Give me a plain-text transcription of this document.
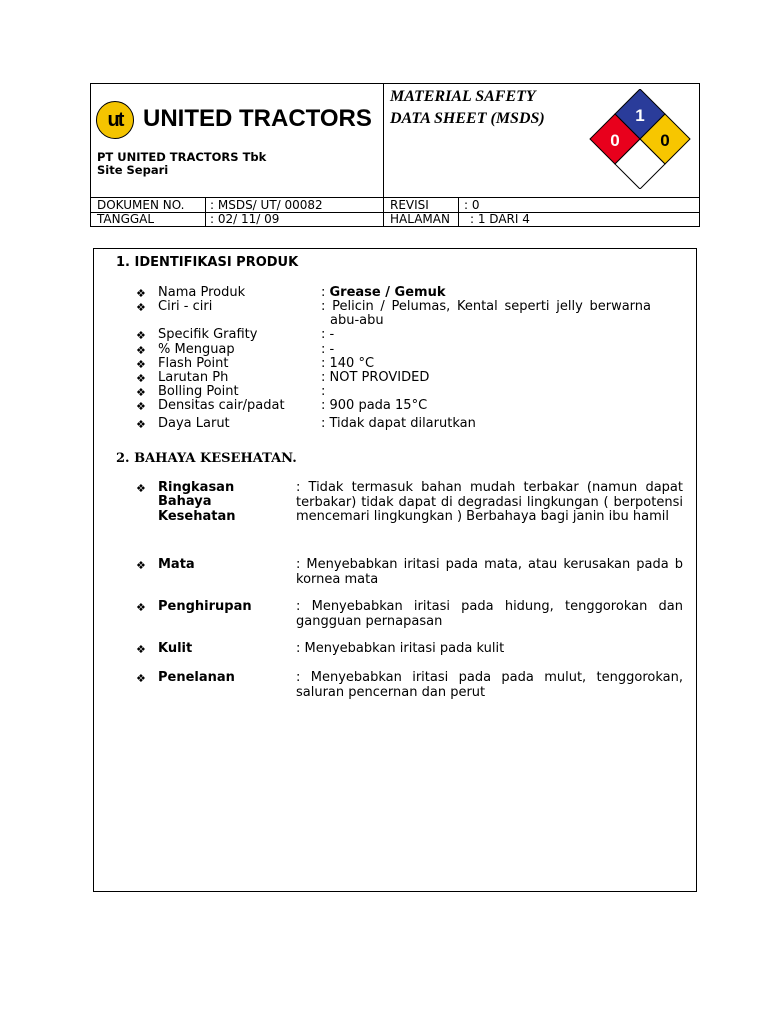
ut UNITED TRACTORS
PT UNITED TRACTORS Tbk
Site Separi
MATERIAL SAFETY
DATA SHEET (MSDS)	1
0 0
DOKUMEN NO. : MSDS/ UT/ 00082	REVISI	: 0
TANGGAL	: 02/ 11/ 09	HALAMAN : 1 DARI 4
1. IDENTIFIKASI PRODUK
❖ Nama Produk	: Grease / Gemuk
❖ Ciri - ciri	: Pelicin / Pelumas, Kental seperti jelly berwarna
abu-abu
❖ Specifik Grafity	: -
❖ % Menguap	: -
❖ Flash Point	: 140 °C
❖ Larutan Ph	: NOT PROVIDED
❖ Bolling Point	:
❖ Densitas cair/padat	: 900 pada 15°C
❖ Daya Larut	: Tidak dapat dilarutkan
2. BAHAYA KESEHATAN.
❖ Ringkasan
Bahaya
Kesehatan
: Tidak termasuk bahan mudah terbakar (namun dapat terbakar) tidak dapat di degradasi lingkungan ( berpotensi mencemari lingkungkan ) Berbahaya bagi janin ibu hamil
❖ Mata	: Menyebabkan iritasi pada mata, atau kerusakan pada b kornea mata
❖ Penghirupan	: Menyebabkan iritasi pada hidung, tenggorokan dan gangguan pernapasan
❖ Kulit	: Menyebabkan iritasi pada kulit
❖ Penelanan	: Menyebabkan iritasi pada pada mulut, tenggorokan, saluran pencernan dan perut
